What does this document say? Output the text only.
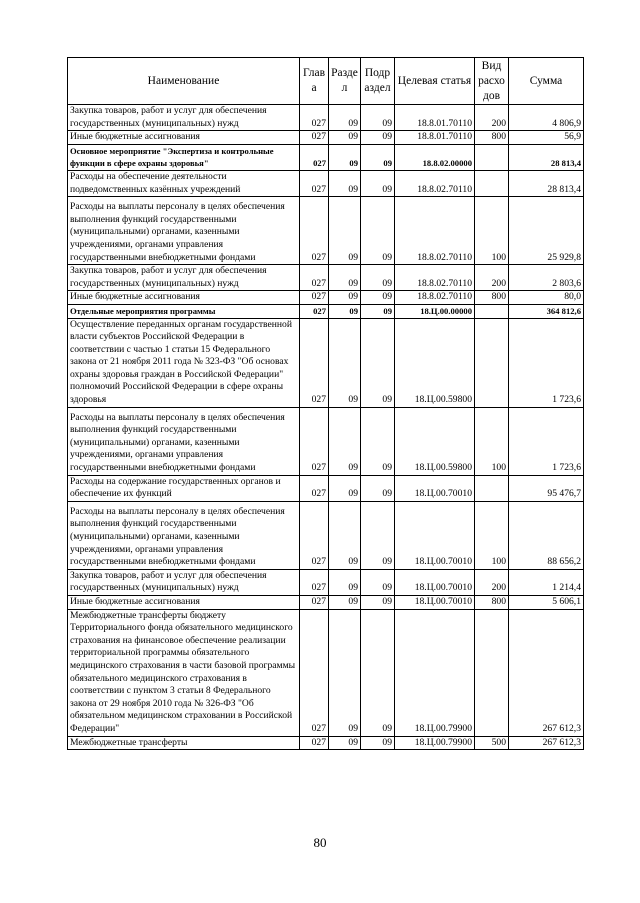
Наименование	Глав а	Разде л	Подр аздел	Целевая статья	Вид расхо дов	Сумма
Закупка товаров, работ и услуг для обеспечения государственных (муниципальных) нужд	027	09	09	18.8.01.70110	200	4 806,9
Иные бюджетные ассигнования	027	09	09	18.8.01.70110	800	56,9
Основное мероприятие "Экспертиза и контрольные функции в сфере охраны здоровья"	027	09	09	18.8.02.00000		28 813,4
Расходы на обеспечение деятельности подведомственных казённых учреждений	027	09	09	18.8.02.70110		28 813,4
Расходы на выплаты персоналу в целях обеспечения выполнения функций государственными (муниципальными) органами, казенными учреждениями, органами управления государственными внебюджетными фондами	027	09	09	18.8.02.70110	100	25 929,8
Закупка товаров, работ и услуг для обеспечения государственных (муниципальных) нужд	027	09	09	18.8.02.70110	200	2 803,6
Иные бюджетные ассигнования	027	09	09	18.8.02.70110	800	80,0
Отдельные мероприятия программы	027	09	09	18.Ц.00.00000		364 812,6
Осуществление переданных органам государственной власти субъектов Российской Федерации в соответствии с частью 1 статьи 15 Федерального закона от 21 ноября 2011 года № 323-ФЗ "Об основах охраны здоровья граждан в Российской Федерации" полномочий Российской Федерации в сфере охраны здоровья	027	09	09	18.Ц.00.59800		1 723,6
Расходы на выплаты персоналу в целях обеспечения выполнения функций государственными (муниципальными) органами, казенными учреждениями, органами управления государственными внебюджетными фондами	027	09	09	18.Ц.00.59800	100	1 723,6
Расходы на содержание государственных органов и обеспечение их функций	027	09	09	18.Ц.00.70010		95 476,7
Расходы на выплаты персоналу в целях обеспечения выполнения функций государственными (муниципальными) органами, казенными учреждениями, органами управления государственными внебюджетными фондами	027	09	09	18.Ц.00.70010	100	88 656,2
Закупка товаров, работ и услуг для обеспечения государственных (муниципальных) нужд	027	09	09	18.Ц.00.70010	200	1 214,4
Иные бюджетные ассигнования	027	09	09	18.Ц.00.70010	800	5 606,1
Межбюджетные трансферты бюджету Территориального фонда обязательного медицинского страхования на финансовое обеспечение реализации территориальной программы обязательного медицинского страхования в части базовой программы обязательного медицинского страхования в соответствии с пунктом 3 статьи 8 Федерального закона от 29 ноября 2010 года № 326-ФЗ "Об обязательном медицинском страховании в Российской Федерации"	027	09	09	18.Ц.00.79900		267 612,3
Межбюджетные трансферты	027	09	09	18.Ц.00.79900	500	267 612,3
80
